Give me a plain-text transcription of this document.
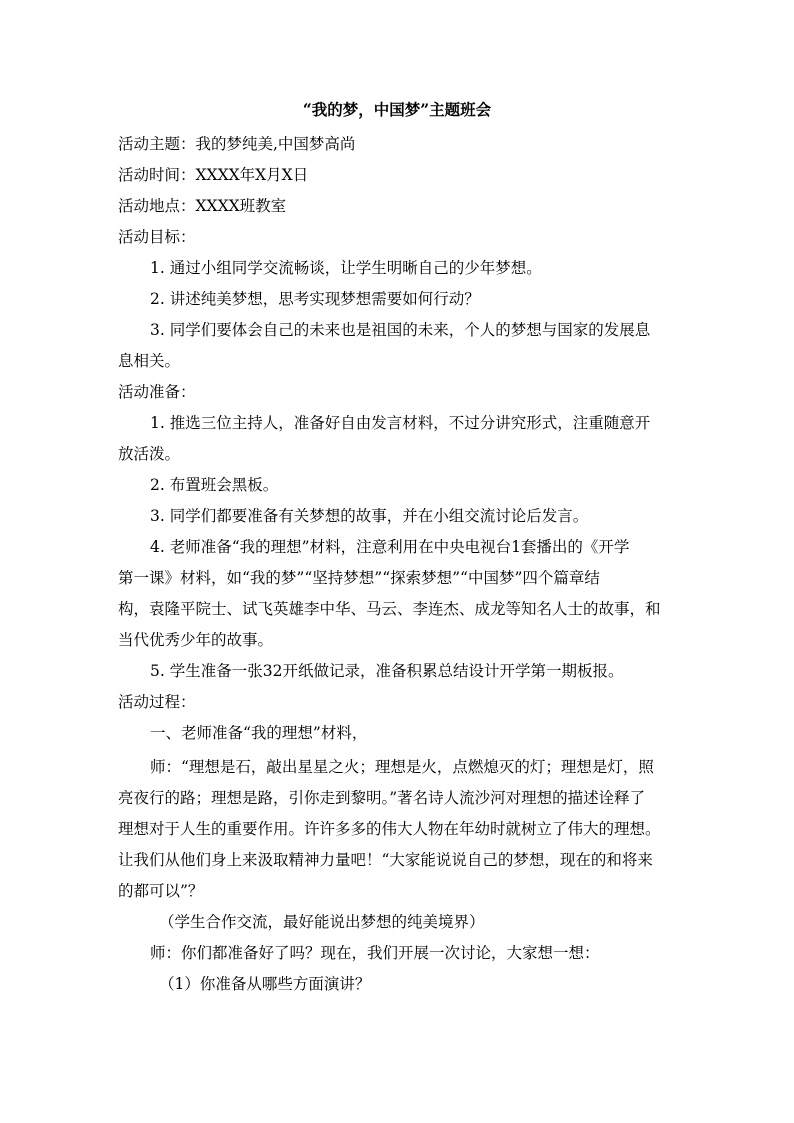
“我的梦，中国梦”主题班会
活动主题：我的梦纯美,中国梦高尚
活动时间：XXXX年X月X日
活动地点：XXXX班教室
活动目标：
1. 通过小组同学交流畅谈，让学生明晰自己的少年梦想。
2. 讲述纯美梦想，思考实现梦想需要如何行动？
3. 同学们要体会自己的未来也是祖国的未来，个人的梦想与国家的发展息
息相关。
活动准备：
1. 推选三位主持人，准备好自由发言材料，不过分讲究形式，注重随意开
放活泼。
2. 布置班会黑板。
3. 同学们都要准备有关梦想的故事，并在小组交流讨论后发言。
4. 老师准备“我的理想”材料，注意利用在中央电视台1套播出的《开学
第一课》材料，如“我的梦”“坚持梦想”“探索梦想”“中国梦”四个篇章结
构，袁隆平院士、试飞英雄李中华、马云、李连杰、成龙等知名人士的故事，和
当代优秀少年的故事。
5. 学生准备一张32开纸做记录，准备积累总结设计开学第一期板报。
活动过程：
一、老师准备“我的理想”材料，
师：“理想是石，敲出星星之火；理想是火，点燃熄灭的灯；理想是灯，照
亮夜行的路；理想是路，引你走到黎明。”著名诗人流沙河对理想的描述诠释了
理想对于人生的重要作用。许许多多的伟大人物在年幼时就树立了伟大的理想。
让我们从他们身上来汲取精神力量吧！“大家能说说自己的梦想，现在的和将来
的都可以”？
（学生合作交流，最好能说出梦想的纯美境界）
师：你们都准备好了吗？现在，我们开展一次讨论，大家想一想：
（1）你准备从哪些方面演讲？
